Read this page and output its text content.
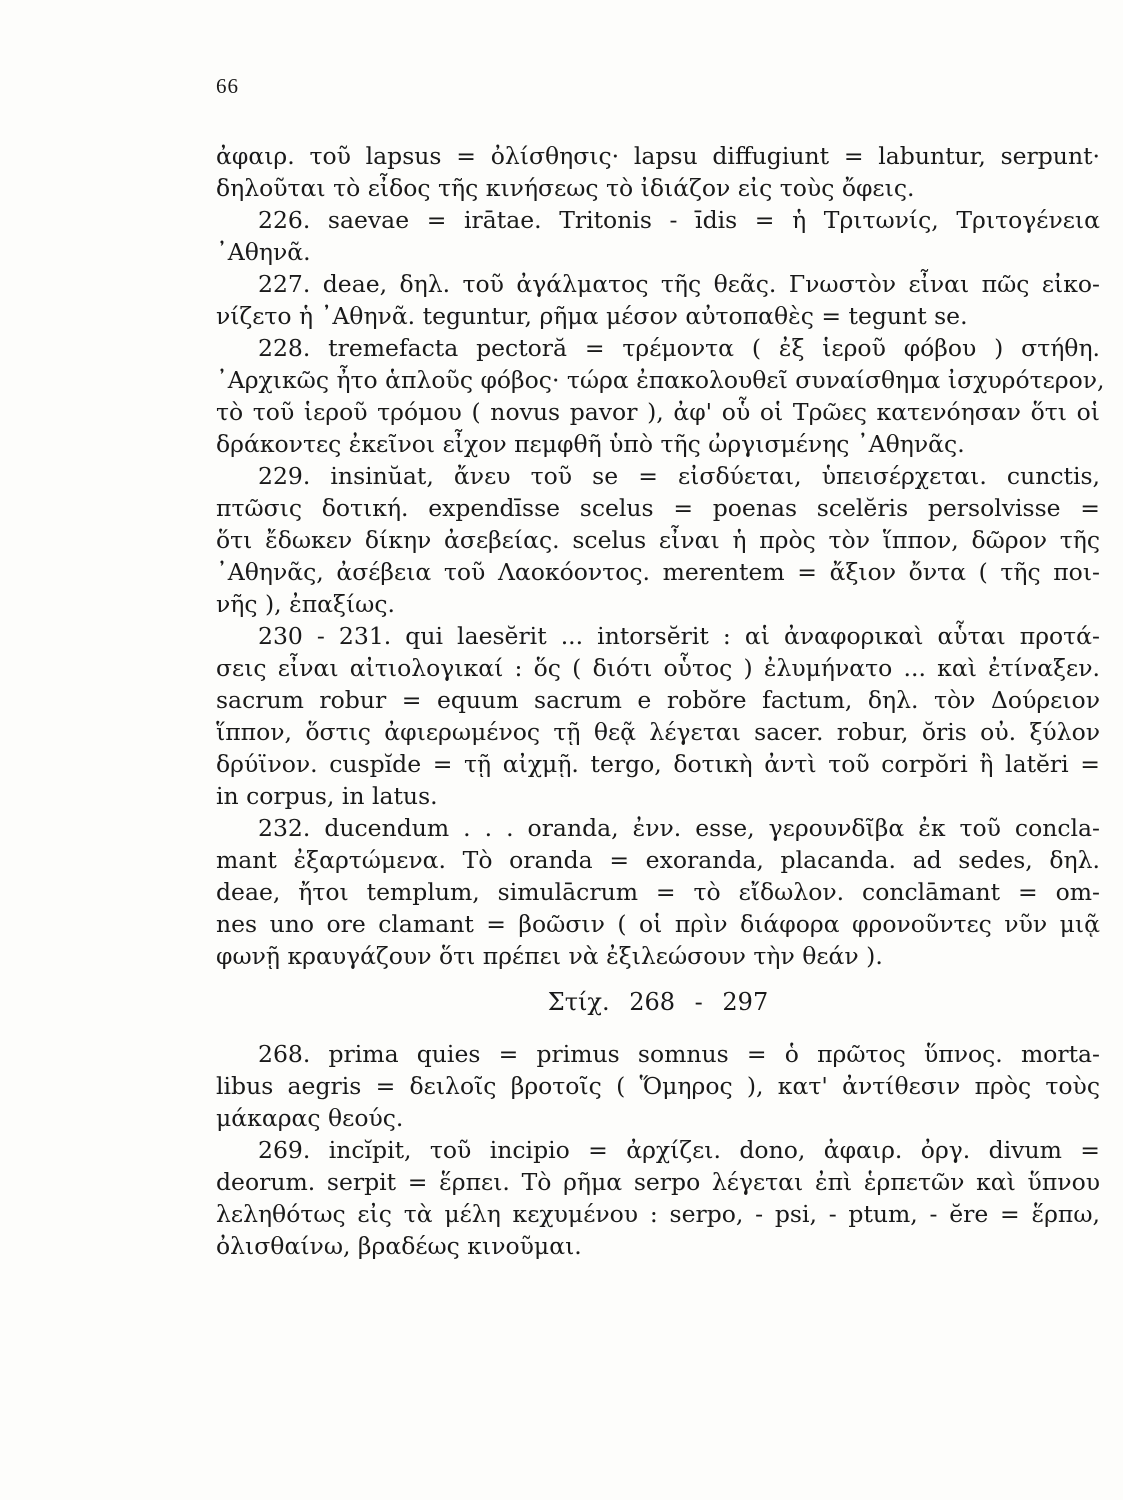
66
ἀφαιρ. τοῦ lapsus = ὀλίσθησις· lapsu diffugiunt = labuntur, serpunt·
δηλοῦται τὸ εἶδος τῆς κινήσεως τὸ ἰδιάζον εἰς τοὺς ὄφεις.
226. saevae = irātae. Tritonis - īdis = ἡ Τριτωνίς, Τριτογένεια
᾿Αθηνᾶ.
227. deae, δηλ. τοῦ ἀγάλματος τῆς θεᾶς. Γνωστὸν εἶναι πῶς εἰκο-
νίζετο ἡ ᾿Αθηνᾶ. teguntur, ρῆμα μέσον αὐτοπαθὲς = tegunt se.
228. tremefacta pectoră = τρέμοντα ( ἐξ ἱεροῦ φόβου ) στήθη.
᾿Αρχικῶς ἦτο ἁπλοῦς φόβος· τώρα ἐπακολουθεῖ συναίσθημα ἰσχυρότερον,
τὸ τοῦ ἱεροῦ τρόμου ( novus pavor ), ἀφ' οὗ οἱ Τρῶες κατενόησαν ὅτι οἱ
δράκοντες ἐκεῖνοι εἶχον πεμφθῆ ὑπὸ τῆς ὠργισμένης ᾿Αθηνᾶς.
229. insinŭat, ἄνευ τοῦ se = εἰσδύεται, ὑπεισέρχεται. cunctis,
πτῶσις δοτική. expendīsse scelus = poenas scelĕris persolvisse =
ὅτι ἔδωκεν δίκην ἀσεβείας. scelus εἶναι ἡ πρὸς τὸν ἵππον, δῶρον τῆς
᾿Αθηνᾶς, ἀσέβεια τοῦ Λαοκόοντος. merentem = ἄξιον ὄντα ( τῆς ποι-
νῆς ), ἐπαξίως.
230 - 231. qui laesĕrit ... intorsĕrit : αἱ ἀναφορικαὶ αὗται προτά-
σεις εἶναι αἰτιολογικαί : ὅς ( διότι οὗτος ) ἐλυμήνατο ... καὶ ἐτίναξεν.
sacrum robur = equum sacrum e robŏre factum, δηλ. τὸν Δούρειον
ἵππον, ὅστις ἀφιερωμένος τῇ θεᾷ λέγεται sacer. robur, ŏris οὐ. ξύλον
δρύϊνον. cuspĭde = τῇ αἰχμῇ. tergo, δοτικὴ ἀντὶ τοῦ corpŏri ἢ latĕri =
in corpus, in latus.
232. ducendum . . . oranda, ἐνν. esse, γερουνδῖβα ἐκ τοῦ concla-
mant ἐξαρτώμενα. Τὸ oranda = exoranda, placanda. ad sedes, δηλ.
deae, ἤτοι templum, simulācrum = τὸ εἴδωλον. conclāmant = om-
nes uno ore clamant = βοῶσιν ( οἱ πρὶν διάφορα φρονοῦντες νῦν μιᾷ
φωνῇ κραυγάζουν ὅτι πρέπει νὰ ἐξιλεώσουν τὴν θεάν ).
Στίχ. 268 - 297
268. prima quies = primus somnus = ὁ πρῶτος ὕπνος. morta-
libus aegris = δειλοῖς βροτοῖς ( Ὅμηρος ), κατ' ἀντίθεσιν πρὸς τοὺς
μάκαρας θεούς.
269. incĭpit, τοῦ incipio = ἀρχίζει. dono, ἀφαιρ. ὀργ. divum =
deorum. serpit = ἕρπει. Τὸ ρῆμα serpo λέγεται ἐπὶ ἑρπετῶν καὶ ὕπνου
λεληθότως εἰς τὰ μέλη κεχυμένου : serpo, - psi, - ptum, - ĕre = ἕρπω,
ὀλισθαίνω, βραδέως κινοῦμαι.
